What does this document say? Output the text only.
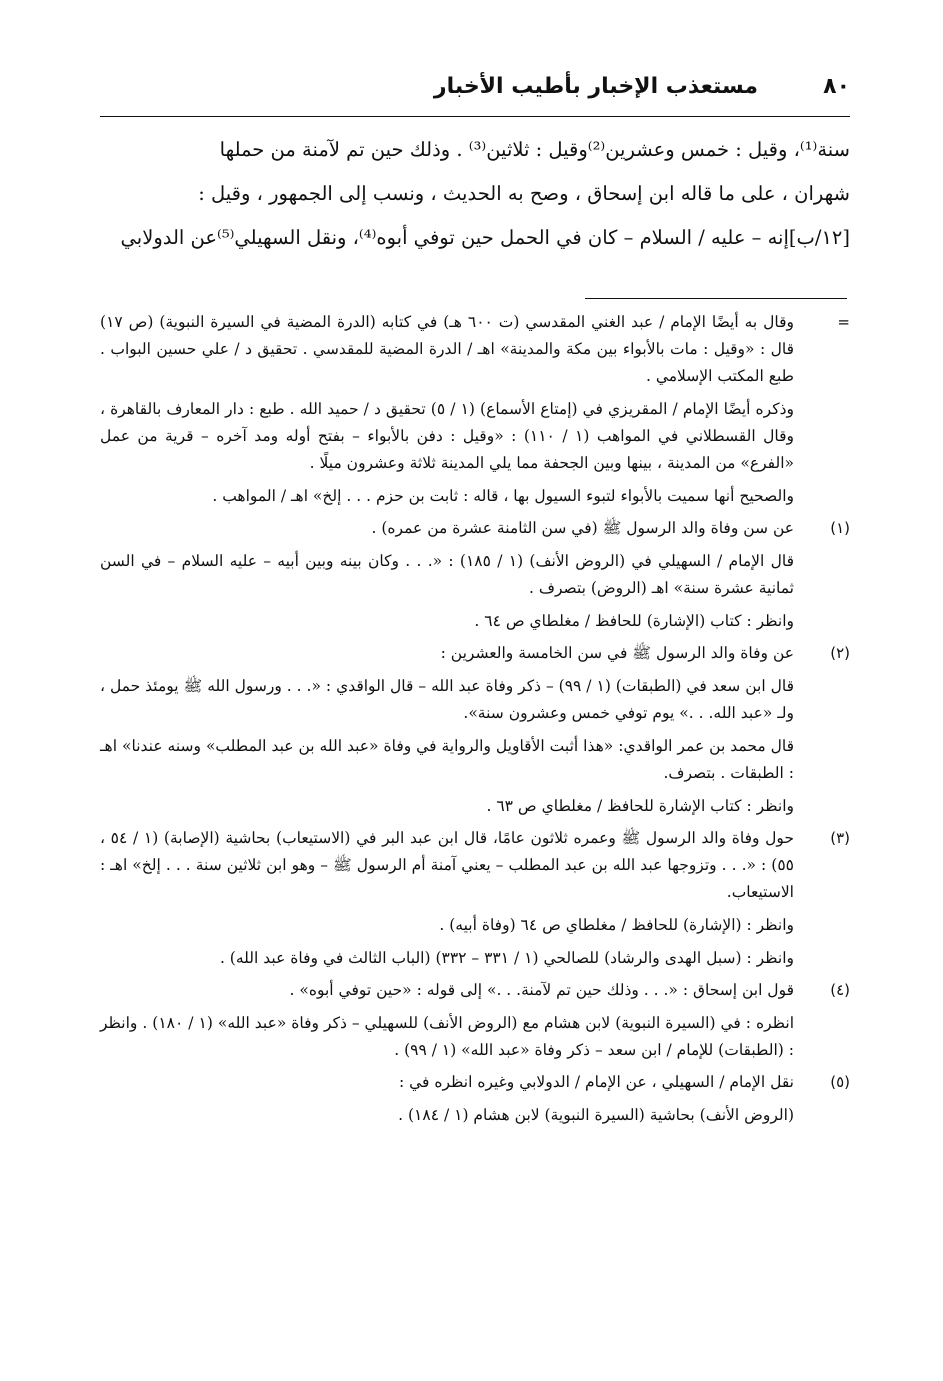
٨٠
مستعذب الإخبار بأطيب الأخبار

سنة⁽¹⁾، وقيل : خمس وعشرين⁽²⁾وقيل : ثلاثين⁽³⁾ . وذلك حين تم لآمنة من حملها

شهران ، على ما قاله ابن إسحاق ، وصح به الحديث ، ونسب إلى الجمهور ، وقيل :

[١٢/ب]إنه – عليه / السلام – كان في الحمل حين توفي أبوه⁽⁴⁾، ونقل السهيلي⁽⁵⁾عن الدولابي

=

وقال به أيضًا الإمام / عبد الغني المقدسي (ت ٦٠٠ هـ) في كتابه (الدرة المضية في السيرة النبوية) (ص ١٧) قال : «وقيل : مات بالأبواء بين مكة والمدينة» اهـ / الدرة المضية للمقدسي . تحقيق د / علي حسين البواب . طبع المكتب الإسلامي .

وذكره أيضًا الإمام / المقريزي في (إمتاع الأسماع) (١ / ٥) تحقيق د / حميد الله . طبع : دار المعارف بالقاهرة ، وقال القسطلاني في المواهب (١ / ١١٠) : «وقيل : دفن بالأبواء – بفتح أوله ومد آخره – قرية من عمل «الفرع» من المدينة ، بينها وبين الجحفة مما يلي المدينة ثلاثة وعشرون ميلًا .

والصحيح أنها سميت بالأبواء لتبوء السيول بها ، قاله : ثابت بن حزم . . . إلخ» اهـ / المواهب .

(١)

عن سن وفاة والد الرسول ﷺ (في سن الثامنة عشرة من عمره) .

قال الإمام / السهيلي في (الروض الأنف) (١ / ١٨٥) : «. . . وكان بينه وبين أبيه – عليه السلام – في السن ثمانية عشرة سنة» اهـ (الروض) بتصرف .

وانظر : كتاب (الإشارة) للحافظ / مغلطاي ص ٦٤ .

(٢)

عن وفاة والد الرسول ﷺ في سن الخامسة والعشرين :

قال ابن سعد في (الطبقات) (١ / ٩٩) – ذكر وفاة عبد الله – قال الواقدي : «. . . ورسول الله ﷺ يومئذ حمل ، ولـ «عبد الله. . .» يوم توفي خمس وعشرون سنة».

قال محمد بن عمر الواقدي: «هذا أثبت الأقاويل والرواية في وفاة «عبد الله بن عبد المطلب» وسنه عندنا» اهـ : الطبقات . بتصرف.

وانظر : كتاب الإشارة للحافظ / مغلطاي ص ٦٣ .

(٣)

حول وفاة والد الرسول ﷺ وعمره ثلاثون عامًا، قال ابن عبد البر في (الاستيعاب) بحاشية (الإصابة) (١ / ٥٤ ، ٥٥) : «. . . وتزوجها عبد الله بن عبد المطلب – يعني آمنة أم الرسول ﷺ – وهو ابن ثلاثين سنة . . . إلخ» اهـ : الاستيعاب.

وانظر : (الإشارة) للحافظ / مغلطاي ص ٦٤ (وفاة أبيه) .

وانظر : (سبل الهدى والرشاد) للصالحي (١ / ٣٣١ – ٣٣٢) (الباب الثالث في وفاة عبد الله) .

(٤)

قول ابن إسحاق : «. . . وذلك حين تم لآمنة. . .» إلى قوله : «حين توفي أبوه» .

انظره : في (السيرة النبوية) لابن هشام مع (الروض الأنف) للسهيلي – ذكر وفاة «عبد الله» (١ / ١٨٠) . وانظر : (الطبقات) للإمام / ابن سعد – ذكر وفاة «عبد الله» (١ / ٩٩) .

(٥)

نقل الإمام / السهيلي ، عن الإمام / الدولابي وغيره انظره في :

(الروض الأنف) بحاشية (السيرة النبوية) لابن هشام (١ / ١٨٤) .
